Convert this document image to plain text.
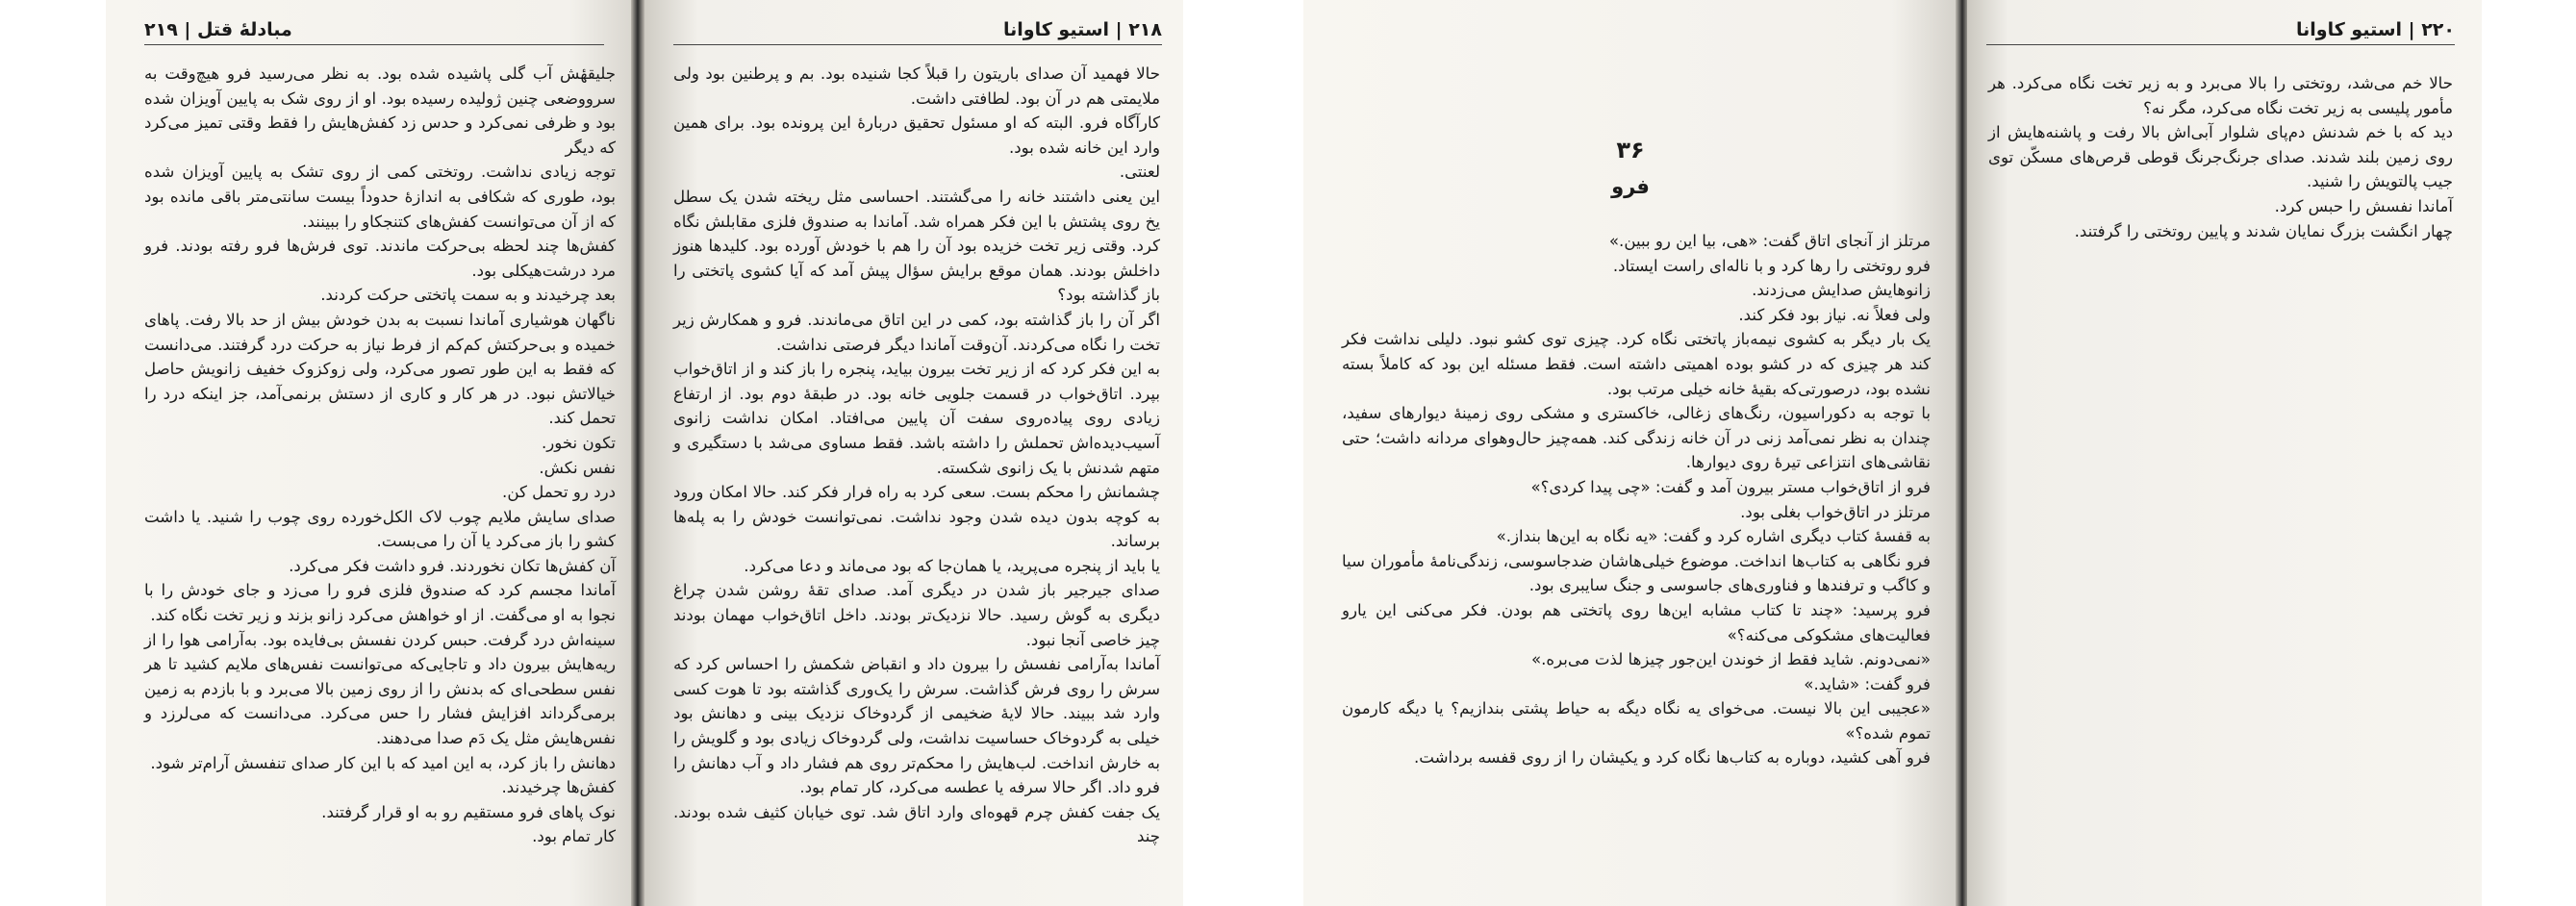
مبادلهٔ قتل | ۲۱۹

جلیقهٔش آب گلی پاشیده شده بود. به نظر می‌رسید فرو هیچ‌وقت به سرووضعی چنین ژولیده رسیده بود. او از روی شک به پایین آویزان شده بود و ظرفی نمی‌کرد و حدس زد کفش‌هایش را فقط وقتی تمیز می‌کرد که دیگر

توجه زیادی نداشت. روتختی کمی از روی تشک به پایین آویزان شده بود، طوری که شکافی به اندازهٔ حدوداً بیست سانتی‌متر باقی مانده بود که از آن می‌توانست کفش‌های کتنجکاو را ببینند.

کفش‌ها چند لحظه بی‌حرکت ماندند. توی فرش‌ها فرو رفته بودند. فرو مرد درشت‌هیکلی بود.

بعد چرخیدند و به سمت پاتختی حرکت کردند.

ناگهان هوشیاری آماندا نسبت به بدن خودش بیش از حد بالا رفت. پاهای خمیده و بی‌حرکتش کم‌کم از فرط نیاز به حرکت درد گرفتند. می‌دانست که فقط به این طور تصور می‌کرد، ولی زوکزوک خفیف زانویش حاصل خیالاتش نبود. در هر کار و کاری از دستش برنمی‌آمد، جز اینکه درد را تحمل کند.

تکون نخور.

نفس نکش.

درد رو تحمل کن.

صدای سایش ملایم چوب لاک الکل‌خورده روی چوب را شنید. یا داشت کشو را باز می‌کرد یا آن را می‌بست.

آن کفش‌ها تکان نخوردند. فرو داشت فکر می‌کرد.

آماندا مجسم کرد که صندوق فلزی فرو را می‌زد و جای خودش را با نجوا به او می‌گفت. از او خواهش می‌کرد زانو بزند و زیر تخت نگاه کند.

سینه‌اش درد گرفت. حبس کردن نفسش بی‌فایده بود. به‌آرامی هوا را از ریه‌هایش بیرون داد و تاجایی‌که می‌توانست نفس‌های ملایم کشید تا هر نفس سطحی‌ای که بدنش را از روی زمین بالا می‌برد و با بازدم به زمین برمی‌گرداند افزایش فشار را حس می‌کرد. می‌دانست که می‌لرزد و نفس‌هایش مثل یک دَم صدا می‌دهند.

دهانش را باز کرد، به این امید که با این کار صدای تنفسش آرام‌تر شود.

کفش‌ها چرخیدند.

نوک پاهای فرو مستقیم رو به او قرار گرفتند.

کار تمام بود.

۲۱۸ | استیو کاوانا

حالا فهمید آن صدای باریتون را قبلاً کجا شنیده بود. بم و پرطنین بود ولی ملایمتی هم در آن بود. لطافتی داشت.

کارآگاه فرو. البته که او مسئول تحقیق دربارهٔ این پرونده بود. برای همین وارد این خانه شده بود.

لعنتی.

این یعنی داشتند خانه را می‌گشتند. احساسی مثل ریخته شدن یک سطل یخ روی پشتش با این فکر همراه شد. آماندا به صندوق فلزی مقابلش نگاه کرد. وقتی زیر تخت خزیده بود آن را هم با خودش آورده بود. کلیدها هنوز داخلش بودند. همان موقع برایش سؤال پیش آمد که آیا کشوی پاتختی را باز گذاشته بود؟

اگر آن را باز گذاشته بود، کمی در این اتاق می‌ماندند. فرو و همکارش زیر تخت را نگاه می‌کردند. آن‌وقت آماندا دیگر فرصتی نداشت.

به این فکر کرد که از زیر تخت بیرون بیاید، پنجره را باز کند و از اتاق‌خواب بپرد. اتاق‌خواب در قسمت جلویی خانه بود. در طبقهٔ دوم بود. از ارتفاع زیادی روی پیاده‌روی سفت آن پایین می‌افتاد. امکان نداشت زانوی آسیب‌دیده‌اش تحملش را داشته باشد. فقط مساوی می‌شد با دستگیری و متهم شدنش با یک زانوی شکسته.

چشمانش را محکم بست. سعی کرد به راه فرار فکر کند. حالا امکان ورود به کوچه بدون دیده شدن وجود نداشت. نمی‌توانست خودش را به پله‌ها برساند.

یا باید از پنجره می‌پرید، یا همان‌جا که بود می‌ماند و دعا می‌کرد.

صدای جیرجیر باز شدن در دیگری آمد. صدای تقهٔ روشن شدن چراغ دیگری به گوش رسید. حالا نزدیک‌تر بودند. داخل اتاق‌خواب مهمان بودند چیز خاصی آنجا نبود.

آماندا به‌آرامی نفسش را بیرون داد و انقباض شکمش را احساس کرد که سرش را روی فرش گذاشت. سرش را یک‌وری گذاشته بود تا هوت کسی وارد شد ببیند. حالا لایهٔ ضخیمی از گردوخاک نزدیک بینی و دهانش بود خیلی به گردوخاک حساسیت نداشت، ولی گردوخاک زیادی بود و گلویش را به خارش انداخت. لب‌هایش را محکم‌تر روی هم فشار داد و آب دهانش را فرو داد. اگر حالا سرفه یا عطسه می‌کرد، کار تمام بود.

یک جفت کفش چرم قهوه‌ای وارد اتاق شد. توی خیابان کثیف شده بودند. چند

۳۶
فرو

مرتلز از آنجای اتاق گفت: «هی، بیا این رو ببین.»

فرو روتختی را رها کرد و با ناله‌ای راست ایستاد.

زانوهایش صدایش می‌زدند.

ولی فعلاً نه. نیاز بود فکر کند.

یک بار دیگر به کشوی نیمه‌باز پاتختی نگاه کرد. چیزی توی کشو نبود. دلیلی نداشت فکر کند هر چیزی که در کشو بوده اهمیتی داشته است. فقط مسئله این بود که کاملاً بسته نشده بود، درصورتی‌که بقیهٔ خانه خیلی مرتب بود.

با توجه به دکوراسیون، رنگ‌های زغالی، خاکستری و مشکی روی زمینهٔ دیوارهای سفید، چندان به نظر نمی‌آمد زنی در آن خانه زندگی کند. همه‌چیز حال‌وهوای مردانه داشت؛ حتی نقاشی‌های انتزاعی تیرهٔ روی دیوارها.

فرو از اتاق‌خواب مستر بیرون آمد و گفت: «چی پیدا کردی؟»

مرتلز در اتاق‌خواب بغلی بود.

به قفسهٔ کتاب دیگری اشاره کرد و گفت: «یه نگاه به این‌ها بنداز.»

فرو نگاهی به کتاب‌ها انداخت. موضوع خیلی‌هاشان ضدجاسوسی، زندگی‌نامهٔ مأموران سیا و کاگب و ترفندها و فناوری‌های جاسوسی و جنگ سایبری بود.

فرو پرسید: «چند تا کتاب مشابه این‌ها روی پاتختی هم بودن. فکر می‌کنی این یارو فعالیت‌های مشکوکی می‌کنه؟»

«نمی‌دونم. شاید فقط از خوندن این‌جور چیزها لذت می‌بره.»

فرو گفت: «شاید.»

«عجیبی این بالا نیست. می‌خوای یه نگاه دیگه به حیاط پشتی بندازیم؟ یا دیگه کارمون تموم شده؟»

فرو آهی کشید، دوباره به کتاب‌ها نگاه کرد و یکیشان را از روی قفسه برداشت.

۲۲۰ | استیو کاوانا

حالا خم می‌شد، روتختی را بالا می‌برد و به زیر تخت نگاه می‌کرد. هر مأمور پلیسی به زیر تخت نگاه می‌کرد، مگر نه؟

دید که با خم شدنش دم‌پای شلوار آبی‌اش بالا رفت و پاشنه‌هایش از روی زمین بلند شدند. صدای جرنگ‌جرنگ قوطی قرص‌های مسکّن توی جیب پالتویش را شنید.

آماندا نفسش را حبس کرد.

چهار انگشت بزرگ نمایان شدند و پایین روتختی را گرفتند.
